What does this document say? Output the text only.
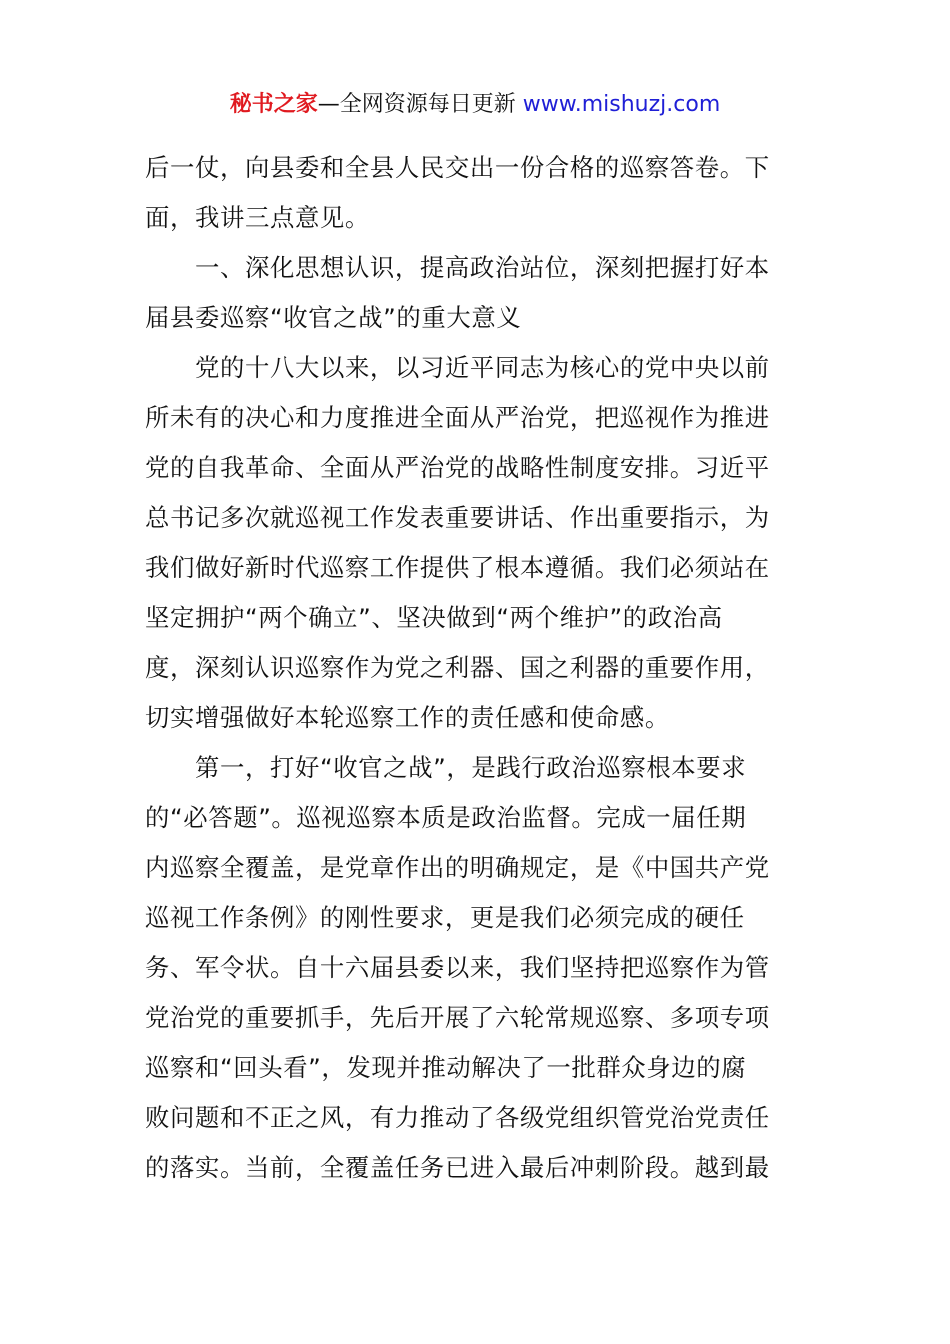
秘书之家—全网资源每日更新 www.mishuzj.com

后一仗，向县委和全县人民交出一份合格的巡察答卷。下
面，我讲三点意见。

一、深化思想认识，提高政治站位，深刻把握打好本
届县委巡察“收官之战”的重大意义

党的十八大以来，以习近平同志为核心的党中央以前
所未有的决心和力度推进全面从严治党，把巡视作为推进
党的自我革命、全面从严治党的战略性制度安排。习近平
总书记多次就巡视工作发表重要讲话、作出重要指示，为
我们做好新时代巡察工作提供了根本遵循。我们必须站在
坚定拥护“两个确立”、坚决做到“两个维护”的政治高
度，深刻认识巡察作为党之利器、国之利器的重要作用，
切实增强做好本轮巡察工作的责任感和使命感。

第一，打好“收官之战”，是践行政治巡察根本要求
的“必答题”。巡视巡察本质是政治监督。完成一届任期
内巡察全覆盖，是党章作出的明确规定，是《中国共产党
巡视工作条例》的刚性要求，更是我们必须完成的硬任
务、军令状。自十六届县委以来，我们坚持把巡察作为管
党治党的重要抓手，先后开展了六轮常规巡察、多项专项
巡察和“回头看”，发现并推动解决了一批群众身边的腐
败问题和不正之风，有力推动了各级党组织管党治党责任
的落实。当前，全覆盖任务已进入最后冲刺阶段。越到最
